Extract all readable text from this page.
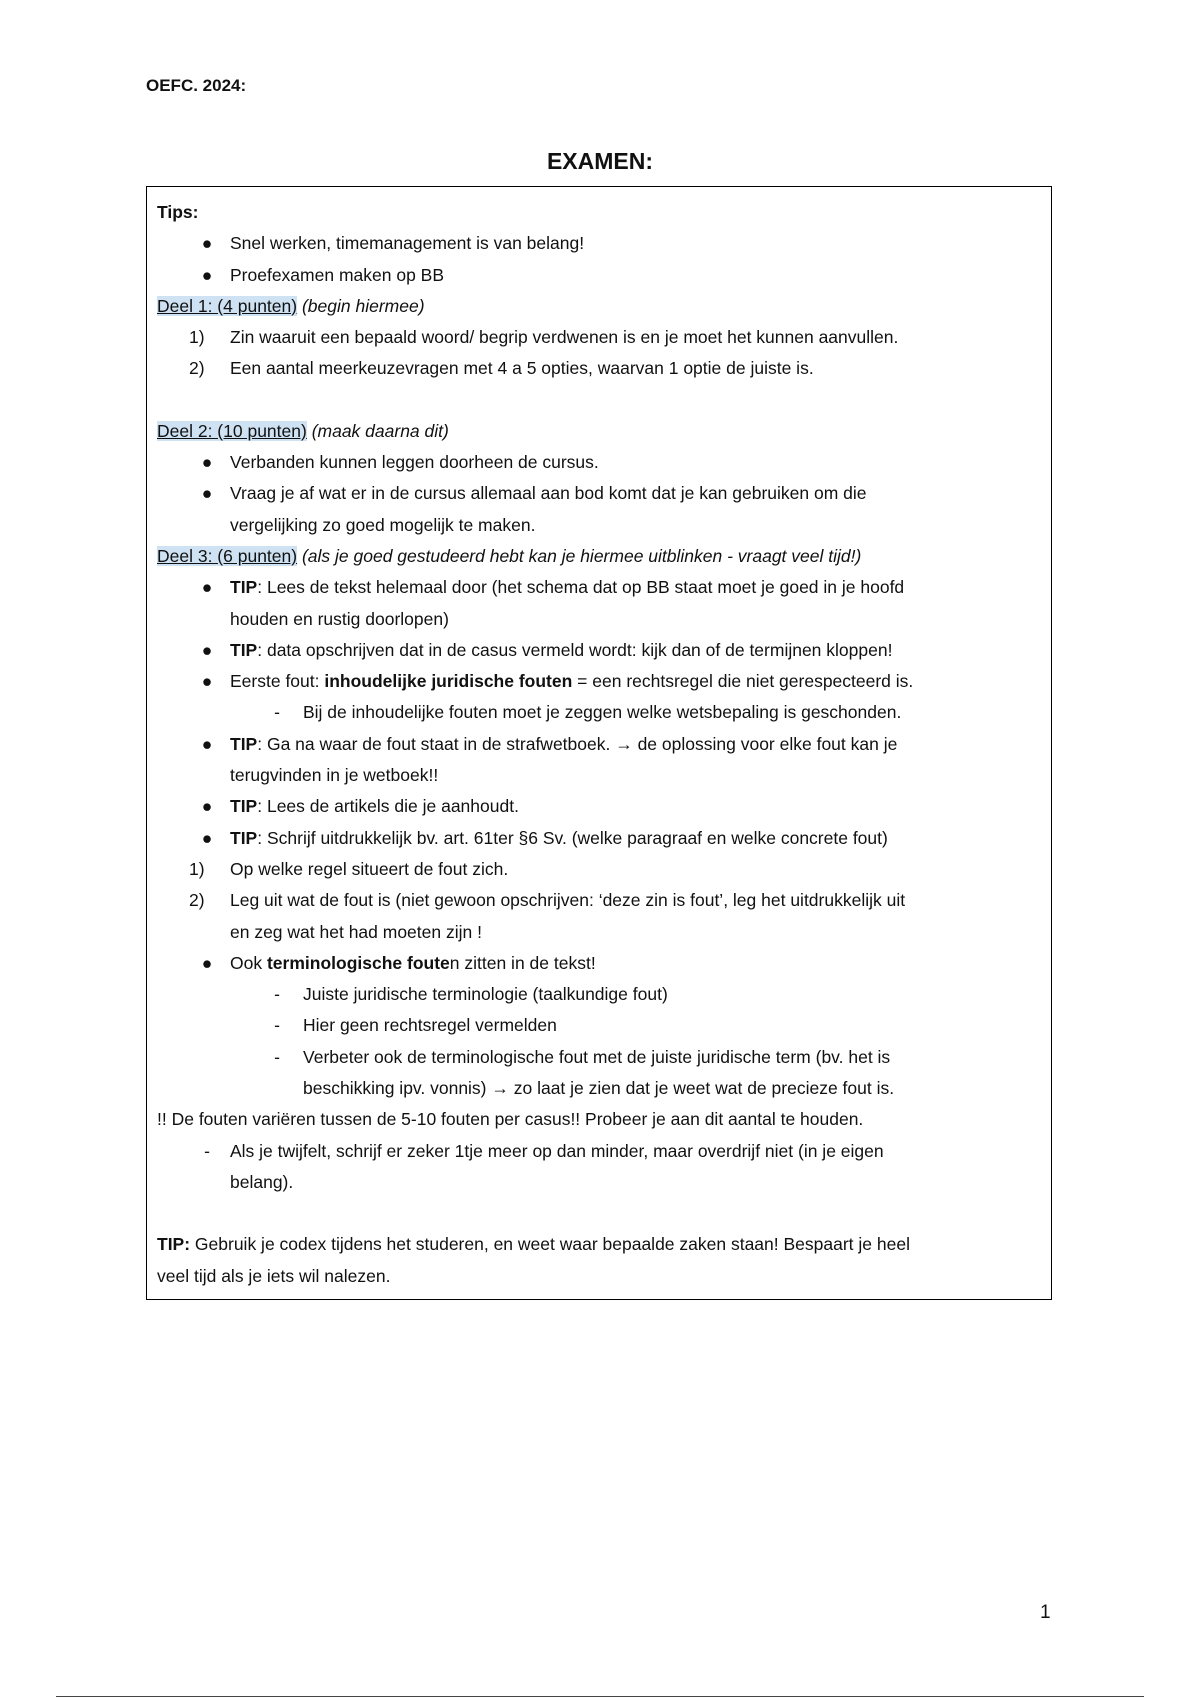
OEFC. 2024:
EXAMEN:
Tips:
●	Snel werken, timemanagement is van belang!
●	Proefexamen maken op BB
Deel 1: (4 punten) (begin hiermee)
1)	Zin waaruit een bepaald woord/ begrip verdwenen is en je moet het kunnen aanvullen.
2)	Een aantal meerkeuzevragen met 4 a 5 opties, waarvan 1 optie de juiste is.
Deel 2: (10 punten) (maak daarna dit)
●	Verbanden kunnen leggen doorheen de cursus.
●	Vraag je af wat er in de cursus allemaal aan bod komt dat je kan gebruiken om die
vergelijking zo goed mogelijk te maken.
Deel 3: (6 punten) (als je goed gestudeerd hebt kan je hiermee uitblinken - vraagt veel tijd!)
●	TIP: Lees de tekst helemaal door (het schema dat op BB staat moet je goed in je hoofd
houden en rustig doorlopen)
●	TIP: data opschrijven dat in de casus vermeld wordt: kijk dan of de termijnen kloppen!
●	Eerste fout: inhoudelijke juridische fouten = een rechtsregel die niet gerespecteerd is.
-	Bij de inhoudelijke fouten moet je zeggen welke wetsbepaling is geschonden.
●	TIP: Ga na waar de fout staat in de strafwetboek. → de oplossing voor elke fout kan je
terugvinden in je wetboek!!
●	TIP: Lees de artikels die je aanhoudt.
●	TIP: Schrijf uitdrukkelijk bv. art. 61ter §6 Sv. (welke paragraaf en welke concrete fout)
1)	Op welke regel situeert de fout zich.
2)	Leg uit wat de fout is (niet gewoon opschrijven: ‘deze zin is fout’, leg het uitdrukkelijk uit
en zeg wat het had moeten zijn !
●	Ook terminologische fouten zitten in de tekst!
-	Juiste juridische terminologie (taalkundige fout)
-	Hier geen rechtsregel vermelden
-	Verbeter ook de terminologische fout met de juiste juridische term (bv. het is
beschikking ipv. vonnis) → zo laat je zien dat je weet wat de precieze fout is.
!! De fouten variëren tussen de 5-10 fouten per casus!! Probeer je aan dit aantal te houden.
-	Als je twijfelt, schrijf er zeker 1tje meer op dan minder, maar overdrijf niet (in je eigen
belang).
TIP: Gebruik je codex tijdens het studeren, en weet waar bepaalde zaken staan! Bespaart je heel
veel tijd als je iets wil nalezen.
1
